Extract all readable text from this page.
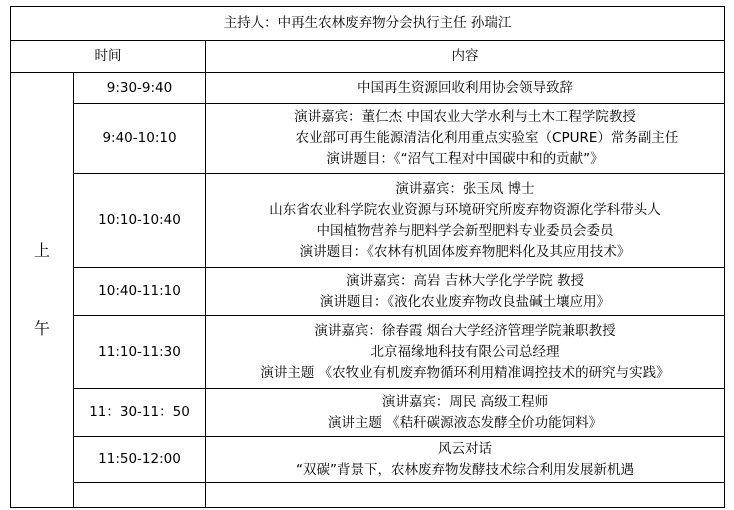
主持人：中再生农林废弃物分会执行主任 孙瑞江		
时间		内容

上
午	9:30-9:40	中国再生资源回收利用协会领导致辞

	9:40-10:10	演讲嘉宾：董仁杰 中国农业大学水利与土木工程学院教授
农业部可再生能源清洁化利用重点实验室（CPURE）常务副主任
演讲题目：《“沼气工程对中国碳中和的贡献”》

	10:10-10:40	演讲嘉宾：张玉凤 博士
山东省农业科学院农业资源与环境研究所废弃物资源化学科带头人
中国植物营养与肥料学会新型肥料专业委员会委员
演讲题目：《农林有机固体废弃物肥料化及其应用技术》

	10:40-11:10	演讲嘉宾：高岩 吉林大学化学学院 教授
演讲题目：《液化农业废弃物改良盐碱土壤应用》

	11:10-11:30	演讲嘉宾：徐春霞 烟台大学经济管理学院兼职教授
北京福缘地科技有限公司总经理
演讲主题 《农牧业有机废弃物循环利用精准调控技术的研究与实践》

	11：30-11：50	演讲嘉宾：周民 高级工程师
演讲主题 《秸秆碳源液态发酵全价功能饲料》

	11:50-12:00	风云对话
“双碳”背景下，农林废弃物发酵技术综合利用发展新机遇
